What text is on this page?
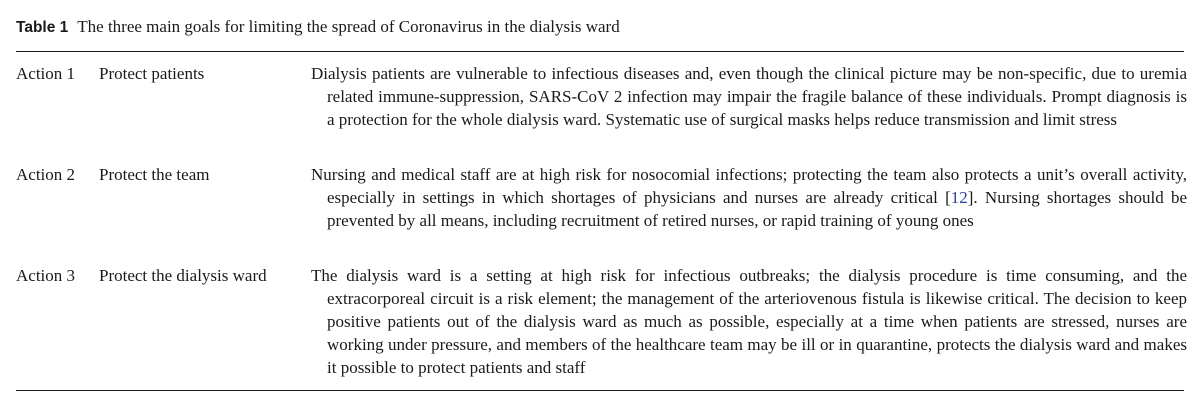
Table 1 The three main goals for limiting the spread of Coronavirus in the dialysis ward
Action 1 Protect patients	Dialysis patients are vulnerable to infectious diseases and, even though the clinical picture may be non-specific, due to uremia related immune-suppression, SARS-CoV 2 infection may impair the fragile balance of these individuals. Prompt diagnosis is a protection for the whole dialysis ward. Systematic use of surgical masks helps reduce transmission and limit stress
Action 2 Protect the team	Nursing and medical staff are at high risk for nosocomial infections; protecting the team also protects a unit’s overall activity, especially in settings in which shortages of physicians and nurses are already critical [12]. Nursing shortages should be prevented by all means, including recruitment of retired nurses, or rapid training of young ones
Action 3 Protect the dialysis ward	The dialysis ward is a setting at high risk for infectious outbreaks; the dialysis procedure is time consuming, and the extracorporeal circuit is a risk element; the management of the arteriovenous fistula is likewise critical. The decision to keep positive patients out of the dialysis ward as much as possible, especially at a time when patients are stressed, nurses are working under pressure, and members of the healthcare team may be ill or in quarantine, protects the dialysis ward and makes it possible to protect patients and staff
